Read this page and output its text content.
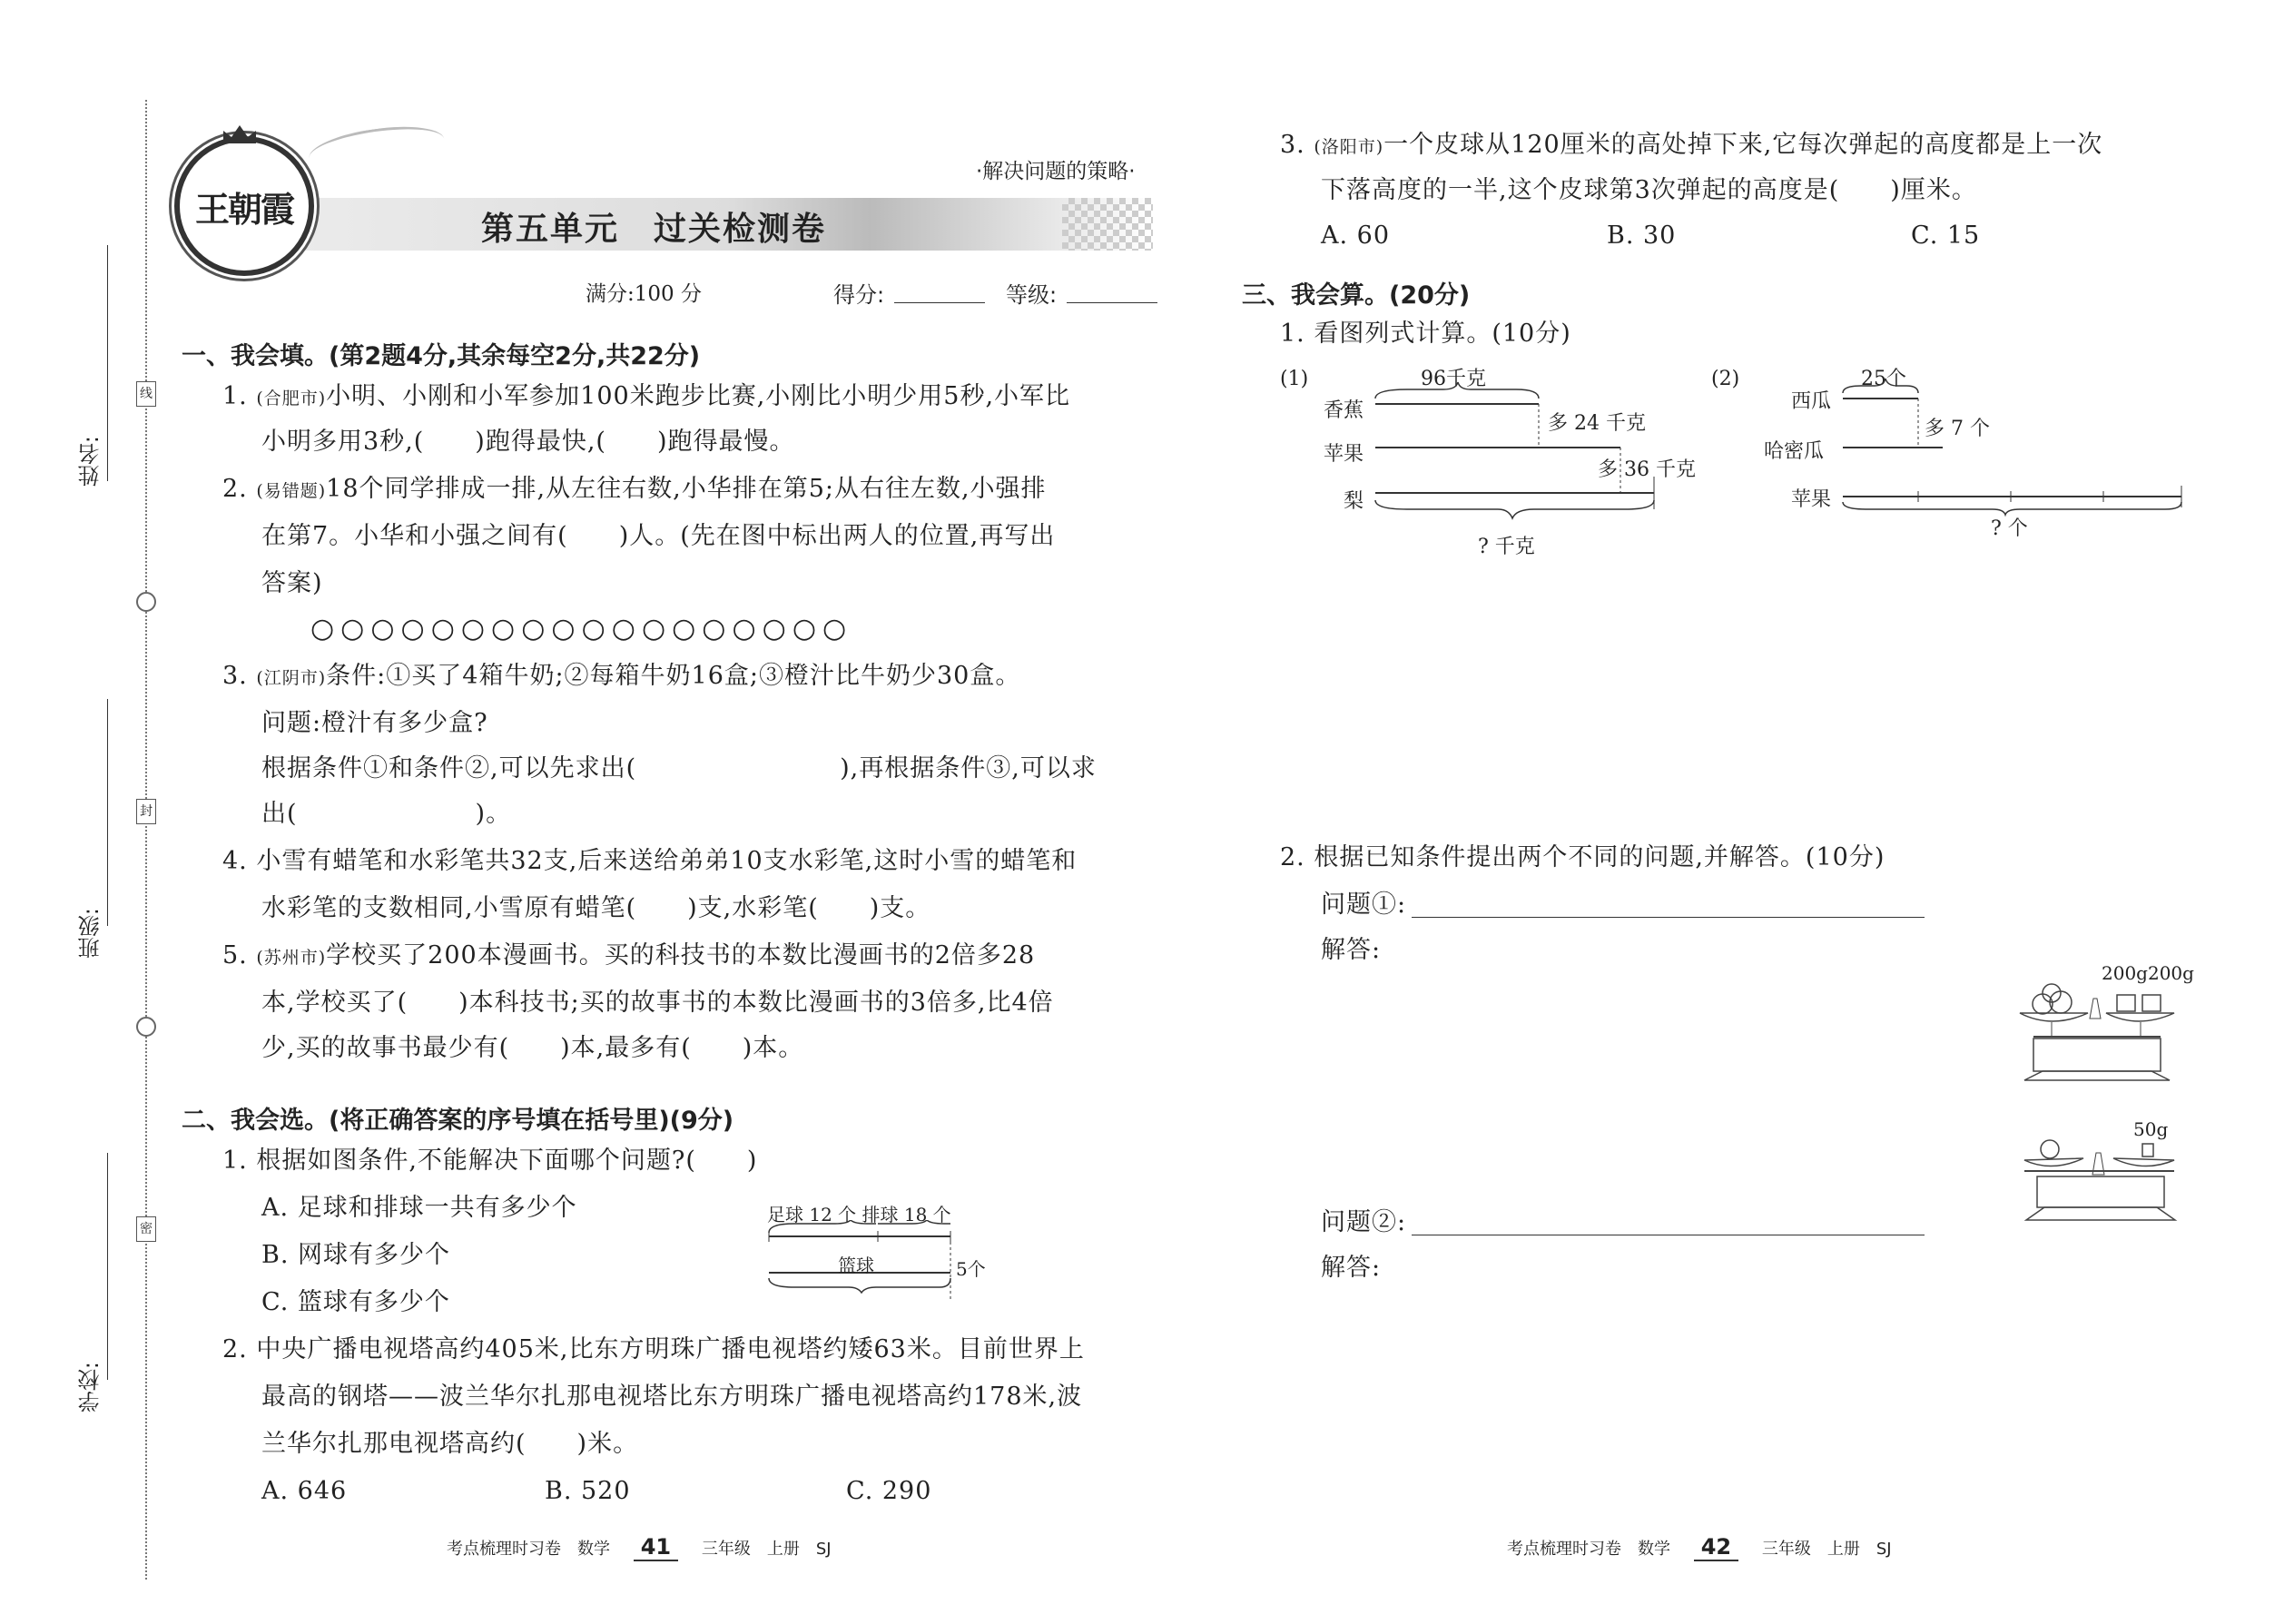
姓名:
班级:
学校:
线
封
密
王朝霞
·解决问题的策略·
第五单元　过关检测卷
满分:100 分	得分:	等级:
一、我会填。(第2题4分,其余每空2分,共22分)
1. (合肥市)小明、小刚和小军参加100米跑步比赛,小刚比小明少用5秒,小军比
小明多用3秒,(　　)跑得最快,(　　)跑得最慢。
2. (易错题)18个同学排成一排,从左往右数,小华排在第5;从右往左数,小强排
在第7。小华和小强之间有(　　)人。(先在图中标出两人的位置,再写出
答案)
○○○○○○○○○○○○○○○○○○
3. (江阴市)条件:①买了4箱牛奶;②每箱牛奶16盒;③橙汁比牛奶少30盒。
问题:橙汁有多少盒?
根据条件①和条件②,可以先求出(　　　　　　　　),再根据条件③,可以求
出(　　　　　　　)。
4. 小雪有蜡笔和水彩笔共32支,后来送给弟弟10支水彩笔,这时小雪的蜡笔和
水彩笔的支数相同,小雪原有蜡笔(　　)支,水彩笔(　　)支。
5. (苏州市)学校买了200本漫画书。买的科技书的本数比漫画书的2倍多28
本,学校买了(　　)本科技书;买的故事书的本数比漫画书的3倍多,比4倍
少,买的故事书最少有(　　)本,最多有(　　)本。
二、我会选。(将正确答案的序号填在括号里)(9分)
1. 根据如图条件,不能解决下面哪个问题?(　　)
A. 足球和排球一共有多少个
B. 网球有多少个
C. 篮球有多少个
足球 12 个 排球 18 个
篮球	5个
2. 中央广播电视塔高约405米,比东方明珠广播电视塔约矮63米。目前世界上
最高的钢塔——波兰华尔扎那电视塔比东方明珠广播电视塔高约178米,波
兰华尔扎那电视塔高约(　　)米。
A. 646	B. 520	C. 290
考点梳理时习卷　数学 41 三年级　上册　SJ
3. (洛阳市)一个皮球从120厘米的高处掉下来,它每次弹起的高度都是上一次
下落高度的一半,这个皮球第3次弹起的高度是(　　)厘米。
A. 60	B. 30	C. 15
三、我会算。(20分)
1. 看图列式计算。(10分)
(1)
香蕉
苹果
梨
96千克
多 24 千克
多 36 千克
? 千克
(2)
西瓜
哈密瓜
苹果
25个
多 7 个
? 个
2. 根据已知条件提出两个不同的问题,并解答。(10分)
问题①:
解答:
200g200g
50g
问题②:
解答:
考点梳理时习卷　数学 42 三年级　上册　SJ
